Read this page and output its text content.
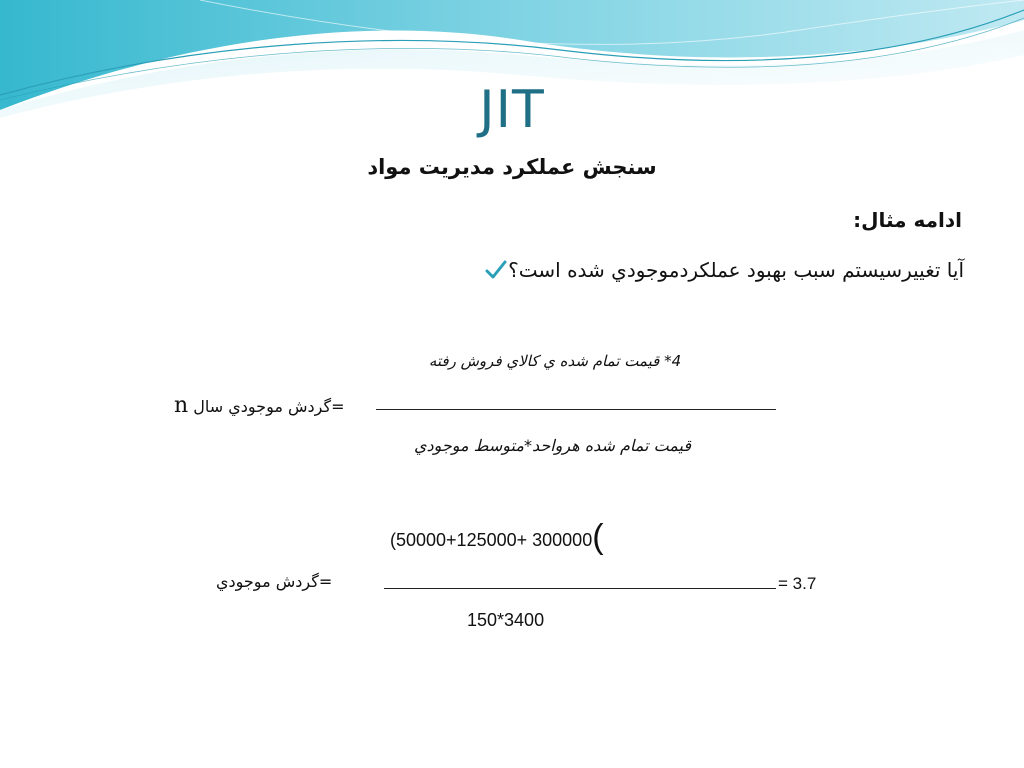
JIT
سنجش عملکرد مديريت مواد
ادامه مثال:
آيا تغييرسيستم سبب بهبود عملکردموجودي شده است؟
4* قيمت تمام شده ي کالاي فروش رفته
=گردش موجودي سال n
قيمت تمام شده هرواحد*متوسط موجودي
(50000+125000+ 300000(
=گردش موجودي	= 3.7
150*3400
